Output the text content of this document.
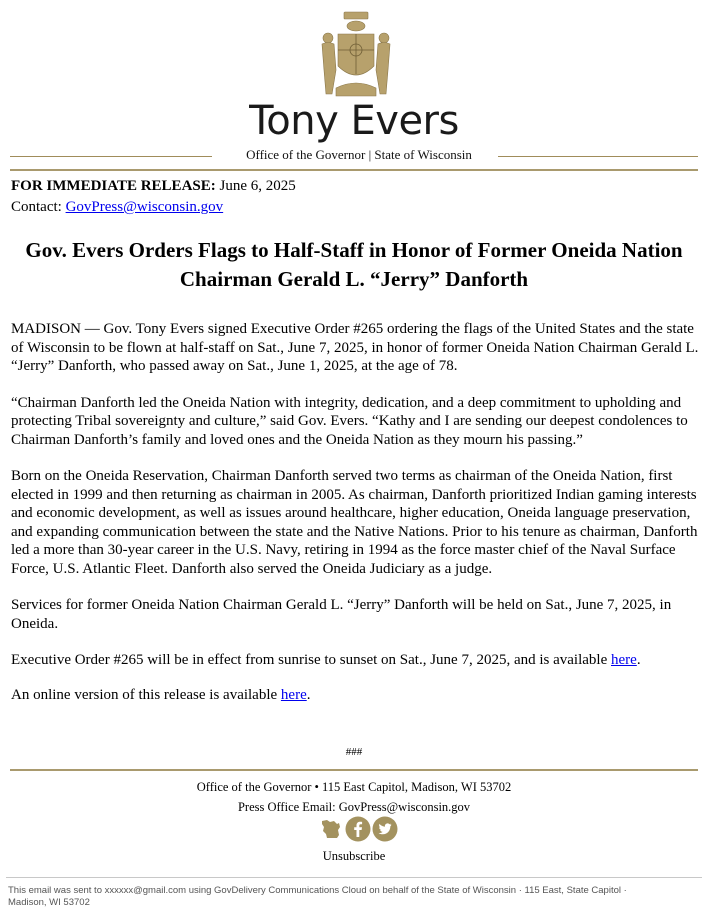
Tony Evers
Office of the Governor | State of Wisconsin
FOR IMMEDIATE RELEASE: June 6, 2025
Contact: GovPress@wisconsin.gov
Gov. Evers Orders Flags to Half-Staff in Honor of Former Oneida Nation Chairman Gerald L. “Jerry” Danforth

MADISON — Gov. Tony Evers signed Executive Order #265 ordering the flags of the United States and the state of Wisconsin to be flown at half-staff on Sat., June 7, 2025, in honor of former Oneida Nation Chairman Gerald L. “Jerry” Danforth, who passed away on Sat., June 1, 2025, at the age of 78.

“Chairman Danforth led the Oneida Nation with integrity, dedication, and a deep commitment to upholding and protecting Tribal sovereignty and culture,” said Gov. Evers. “Kathy and I are sending our deepest condolences to Chairman Danforth’s family and loved ones and the Oneida Nation as they mourn his passing.”

Born on the Oneida Reservation, Chairman Danforth served two terms as chairman of the Oneida Nation, first elected in 1999 and then returning as chairman in 2005. As chairman, Danforth prioritized Indian gaming interests and economic development, as well as issues around healthcare, higher education, Oneida language preservation, and expanding communication between the state and the Native Nations. Prior to his tenure as chairman, Danforth led a more than 30-year career in the U.S. Navy, retiring in 1994 as the force master chief of the Naval Surface Force, U.S. Atlantic Fleet. Danforth also served the Oneida Judiciary as a judge.

Services for former Oneida Nation Chairman Gerald L. “Jerry” Danforth will be held on Sat., June 7, 2025, in Oneida.

Executive Order #265 will be in effect from sunrise to sunset on Sat., June 7, 2025, and is available here.

An online version of this release is available here.

###
Office of the Governor • 115 East Capitol, Madison, WI 53702
Press Office Email: GovPress@wisconsin.gov
Unsubscribe
This email was sent to xxxxxx@gmail.com using GovDelivery Communications Cloud on behalf of the State of Wisconsin · 115 East, State Capitol · Madison, WI 53702
